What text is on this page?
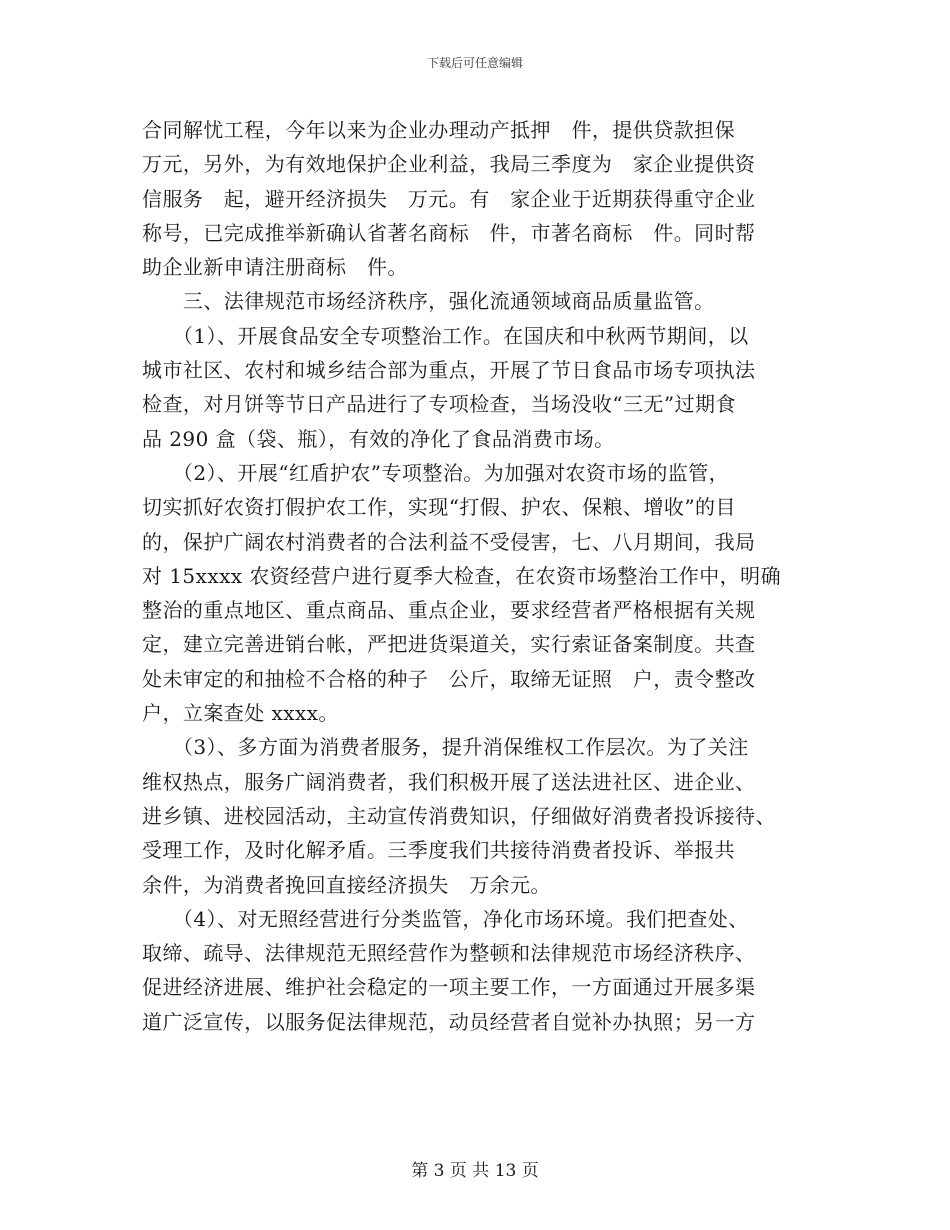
下载后可任意编辑
合同解忧工程，今年以来为企业办理动产抵押　件，提供贷款担保
万元，另外，为有效地保护企业利益，我局三季度为　家企业提供资
信服务　起，避开经济损失　万元。有　家企业于近期获得重守企业
称号，已完成推举新确认省著名商标　件，市著名商标　件。同时帮
助企业新申请注册商标　件。
　　三、法律规范市场经济秩序，强化流通领域商品质量监管。
　　（1）、开展食品安全专项整治工作。在国庆和中秋两节期间，以
城市社区、农村和城乡结合部为重点，开展了节日食品市场专项执法
检查，对月饼等节日产品进行了专项检查，当场没收“三无”过期食
品 290 盒（袋、瓶），有效的净化了食品消费市场。
　　（2）、开展“红盾护农”专项整治。为加强对农资市场的监管，
切实抓好农资打假护农工作，实现“打假、护农、保粮、增收”的目
的，保护广阔农村消费者的合法利益不受侵害，七、八月期间，我局
对 15xxxx 农资经营户进行夏季大检查，在农资市场整治工作中，明确
整治的重点地区、重点商品、重点企业，要求经营者严格根据有关规
定，建立完善进销台帐，严把进货渠道关，实行索证备案制度。共查
处未审定的和抽检不合格的种子　公斤，取缔无证照　户，责令整改
户，立案查处 xxxx。
　　（3）、多方面为消费者服务，提升消保维权工作层次。为了关注
维权热点，服务广阔消费者，我们积极开展了送法进社区、进企业、
进乡镇、进校园活动，主动宣传消费知识，仔细做好消费者投诉接待、
受理工作，及时化解矛盾。三季度我们共接待消费者投诉、举报共
余件，为消费者挽回直接经济损失　万余元。
　　（4）、对无照经营进行分类监管，净化市场环境。我们把查处、
取缔、疏导、法律规范无照经营作为整顿和法律规范市场经济秩序、
促进经济进展、维护社会稳定的一项主要工作，一方面通过开展多渠
道广泛宣传，以服务促法律规范，动员经营者自觉补办执照；另一方
第 3 页 共 13 页
